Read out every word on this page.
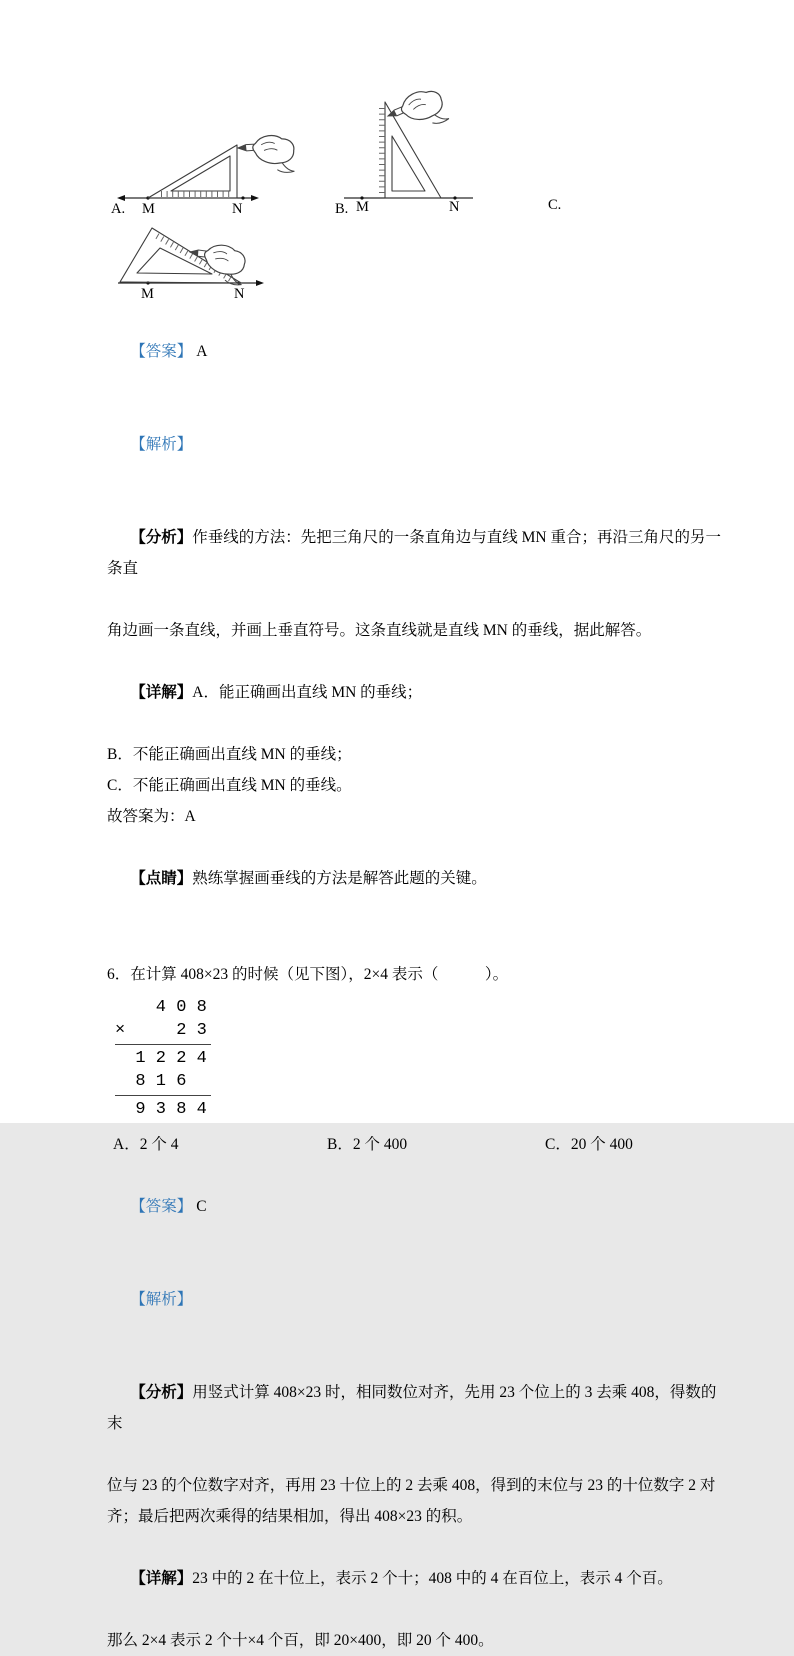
A. M	N	B. M	N	C.
M	N

【答案】 A

【解析】

【分析】作垂线的方法：先把三角尺的一条直角边与直线 MN 重合；再沿三角尺的另一条直

角边画一条直线，并画上垂直符号。这条直线就是直线 MN 的垂线，据此解答。

【详解】A．能正确画出直线 MN 的垂线；

B．不能正确画出直线 MN 的垂线；
C．不能正确画出直线 MN 的垂线。
故答案为：A

【点睛】熟练掌握画垂线的方法是解答此题的关键。

6．在计算 408×23 的时候（见下图），2×4 表示（　　　）。
4 0 8
×     2 3
1 2 2 4
8 1 6
9 3 8 4
A．2 个 4	B．2 个 400	C．20 个 400

【答案】 C

【解析】

【分析】用竖式计算 408×23 时，相同数位对齐，先用 23 个位上的 3 去乘 408，得数的末

位与 23 的个位数字对齐，再用 23 十位上的 2 去乘 408，得到的末位与 23 的十位数字 2 对
齐；最后把两次乘得的结果相加，得出 408×23 的积。

【详解】23 中的 2 在十位上，表示 2 个十；408 中的 4 在百位上，表示 4 个百。

那么 2×4 表示 2 个十×4 个百，即 20×400，即 20 个 400。
